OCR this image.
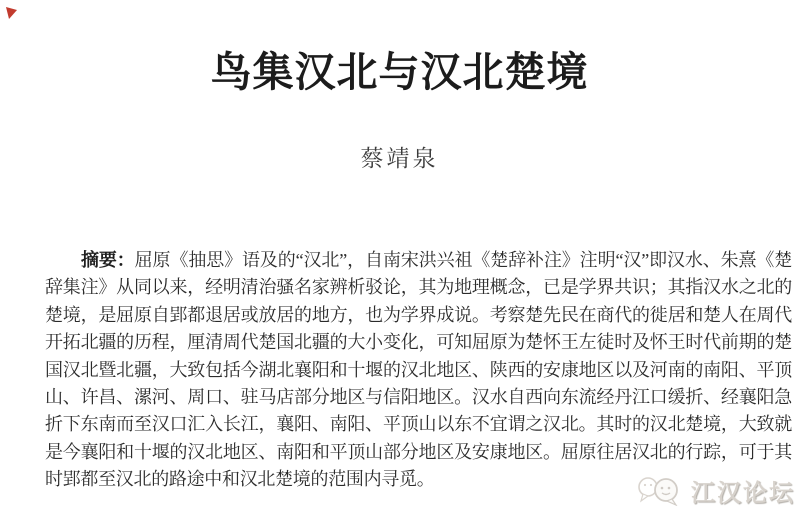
鸟集汉北与汉北楚境
蔡靖泉

摘要：屈原《抽思》语及的“汉北”，自南宋洪兴祖《楚辞补注》注明“汉”即汉水、朱熹《楚辞集注》从同以来，经明清治骚名家辨析驳论，其为地理概念，已是学界共识；其指汉水之北的楚境，是屈原自郢都退居或放居的地方，也为学界成说。考察楚先民在商代的徙居和楚人在周代开拓北疆的历程，厘清周代楚国北疆的大小变化，可知屈原为楚怀王左徒时及怀王时代前期的楚国汉北暨北疆，大致包括今湖北襄阳和十堰的汉北地区、陕西的安康地区以及河南的南阳、平顶山、许昌、漯河、周口、驻马店部分地区与信阳地区。汉水自西向东流经丹江口缓折、经襄阳急折下东南而至汉口汇入长江，襄阳、南阳、平顶山以东不宜谓之汉北。其时的汉北楚境，大致就是今襄阳和十堰的汉北地区、南阳和平顶山部分地区及安康地区。屈原往居汉北的行踪，可于其时郢都至汉北的路途中和汉北楚境的范围内寻觅。

江汉论坛
